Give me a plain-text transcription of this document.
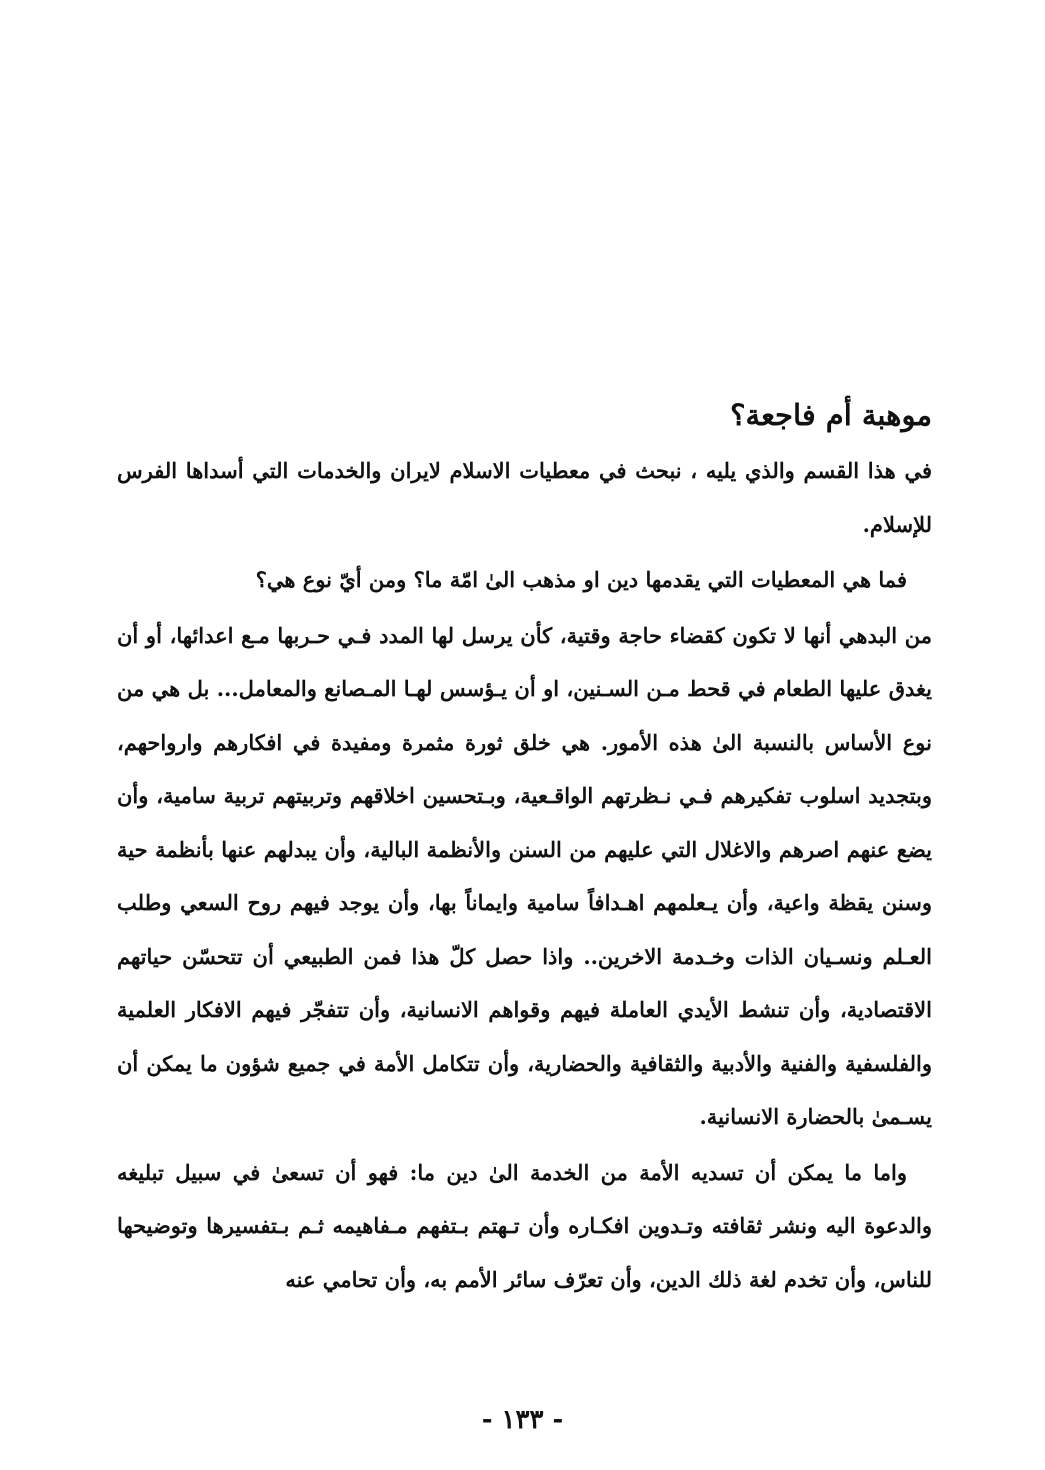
موهبة أم فاجعة؟

في هذا القسم والذي يليه ، نبحث في معطيات الاسلام لايران والخدمات التي أسداها الفرس للإسلام.

فما هي المعطيات التي يقدمها دين او مذهب الىٰ امّة ما؟ ومن أيّ نوع هي؟

من البدهي أنها لا تكون كقضاء حاجة وقتية، كأن يرسل لها المدد فـي حـربها مـع اعدائها، أو أن يغدق عليها الطعام في قحط مـن السـنين، او أن يـؤسس لهـا المـصانع والمعامل... بل هي من نوع الأساس بالنسبة الىٰ هذه الأمور. هي خلق ثورة مثمرة ومفيدة في افكارهم وارواحهم، وبتجديد اسلوب تفكيرهم فـي نـظرتهم الواقـعية، وبـتحسين اخلاقهم وتربيتهم تربية سامية، وأن يضع عنهم اصرهم والاغلال التي عليهم من السنن والأنظمة البالية، وأن يبدلهم عنها بأنظمة حية وسنن يقظة واعية، وأن يـعلمهم اهـدافاً سامية وايماناً بها، وأن يوجد فيهم روح السعي وطلب العـلم ونسـيان الذات وخـدمة الاخرين.. واذا حصل كلّ هذا فمن الطبيعي أن تتحسّن حياتهم الاقتصادية، وأن تنشط الأيدي العاملة فيهم وقواهم الانسانية، وأن تتفجّر فيهم الافكار العلمية والفلسفية والفنية والأدبية والثقافية والحضارية، وأن تتكامل الأمة في جميع شؤون ما يمكن أن يسـمىٰ بالحضارة الانسانية.

واما ما يمكن أن تسديه الأمة من الخدمة الىٰ دين ما: فهو أن تسعىٰ في سبيل تبليغه والدعوة اليه ونشر ثقافته وتـدوين افكـاره وأن تـهتم بـتفهم مـفاهيمه ثـم بـتفسيرها وتوضيحها للناس، وأن تخدم لغة ذلك الدين، وأن تعرّف سائر الأمم به، وأن تحامي عنه

- ١٣٣ -
